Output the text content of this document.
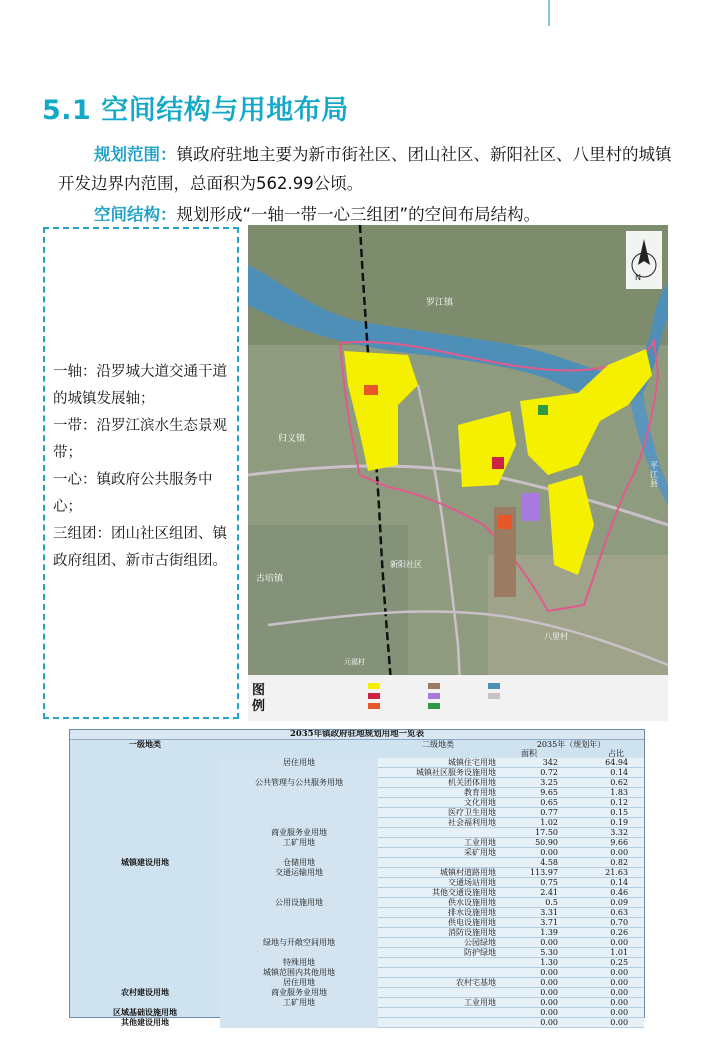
5.1 空间结构与用地布局

规划范围：镇政府驻地主要为新市街社区、团山社区、新阳社区、八里村的城镇开发边界内范围，总面积为562.99公顷。

空间结构：规划形成“一轴一带一心三组团”的空间布局结构。

一轴：沿罗城大道交通干道的城镇发展轴；
一带：沿罗江滨水生态景观带；
一心：镇政府公共服务中心；
三组团：团山社区组团、镇政府组团、新市古街组团。
罗江镇
归义镇
古培镇
新阳社区
八里村
平江县
元福村
N
图例
2035年镇政府驻地规划用地一览表				
一级地类		二级地类	2035年（规划年）	
			面积	占比
	居住用地	城镇住宅用地	342	64.94
		城镇社区服务设施用地	0.72	0.14
	公共管理与公共服务用地	机关团体用地	3.25	0.62
		教育用地	9.65	1.83
		文化用地	0.65	0.12
		医疗卫生用地	0.77	0.15
		社会福利用地	1.02	0.19
	商业服务业用地		17.50	3.32
	工矿用地	工业用地	50.90	9.66
		采矿用地	0.00	0.00
城镇建设用地	仓储用地		4.58	0.82
	交通运输用地	城镇村道路用地	113.97	21.63
		交通场站用地	0.75	0.14
		其他交通设施用地	2.41	0.46
	公用设施用地	供水设施用地	0.5	0.09
		排水设施用地	3.31	0.63
		供电设施用地	3.71	0.70
		消防设施用地	1.39	0.26
	绿地与开敞空间用地	公园绿地	0.00	0.00
		防护绿地	5.30	1.01
	特殊用地		1.30	0.25
	城镇范围内其他用地		0.00	0.00
	居住用地	农村宅基地	0.00	0.00
农村建设用地	商业服务业用地		0.00	0.00
	工矿用地	工业用地	0.00	0.00
区域基础设施用地			0.00	0.00
其他建设用地			0.00	0.00
